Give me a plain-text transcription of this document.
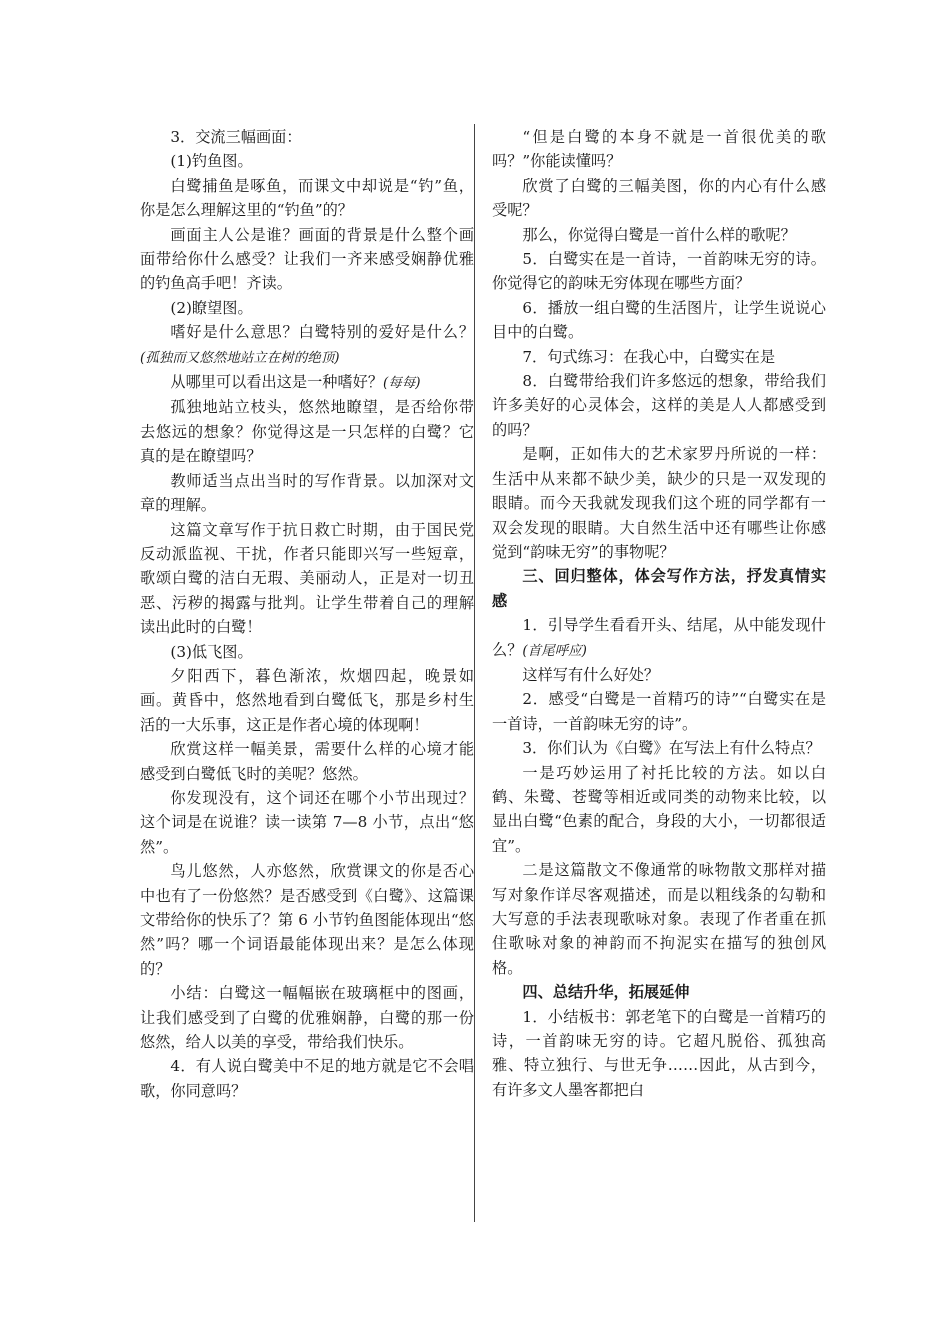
3．交流三幅画面：

(1)钓鱼图。

白鹭捕鱼是啄鱼，而课文中却说是“钓”鱼，你是怎么理解这里的“钓鱼”的？

画面主人公是谁？画面的背景是什么整个画面带给你什么感受？让我们一齐来感受娴静优雅的钓鱼高手吧！齐读。

(2)瞭望图。

嗜好是什么意思？白鹭特别的爱好是什么？(孤独而又悠然地站立在树的绝顶)

从哪里可以看出这是一种嗜好？(每每)

孤独地站立枝头，悠然地瞭望，是否给你带去悠远的想象？你觉得这是一只怎样的白鹭？它真的是在瞭望吗？

教师适当点出当时的写作背景。以加深对文章的理解。

这篇文章写作于抗日救亡时期，由于国民党反动派监视、干扰，作者只能即兴写一些短章，歌颂白鹭的洁白无瑕、美丽动人，正是对一切丑恶、污秽的揭露与批判。让学生带着自己的理解读出此时的白鹭！

(3)低飞图。

夕阳西下，暮色渐浓，炊烟四起，晚景如画。黄昏中，悠然地看到白鹭低飞，那是乡村生活的一大乐事，这正是作者心境的体现啊！

欣赏这样一幅美景，需要什么样的心境才能感受到白鹭低飞时的美呢？悠然。

你发现没有，这个词还在哪个小节出现过？这个词是在说谁？读一读第 7—8 小节，点出“悠然”。

鸟儿悠然，人亦悠然，欣赏课文的你是否心中也有了一份悠然？是否感受到《白鹭》、这篇课文带给你的快乐了？第 6 小节钓鱼图能体现出“悠然”吗？哪一个词语最能体现出来？是怎么体现的？

小结：白鹭这一幅幅嵌在玻璃框中的图画，让我们感受到了白鹭的优雅娴静，白鹭的那一份悠然，给人以美的享受，带给我们快乐。

4．有人说白鹭美中不足的地方就是它不会唱歌，你同意吗？

“但是白鹭的本身不就是一首很优美的歌吗？”你能读懂吗？

欣赏了白鹭的三幅美图，你的内心有什么感受呢？

那么，你觉得白鹭是一首什么样的歌呢？

5．白鹭实在是一首诗，一首韵味无穷的诗。你觉得它的韵味无穷体现在哪些方面？

6．播放一组白鹭的生活图片，让学生说说心目中的白鹭。

7．句式练习：在我心中，白鹭实在是

8．白鹭带给我们许多悠远的想象，带给我们许多美好的心灵体会，这样的美是人人都感受到的吗？

是啊，正如伟大的艺术家罗丹所说的一样：生活中从来都不缺少美，缺少的只是一双发现的眼睛。而今天我就发现我们这个班的同学都有一双会发现的眼睛。大自然生活中还有哪些让你感觉到“韵味无穷”的事物呢？

三、回归整体，体会写作方法，抒发真情实感

1．引导学生看看开头、结尾，从中能发现什么？(首尾呼应)

这样写有什么好处？

2．感受“白鹭是一首精巧的诗”“白鹭实在是一首诗，一首韵味无穷的诗”。

3．你们认为《白鹭》在写法上有什么特点？

一是巧妙运用了衬托比较的方法。如以白鹤、朱鹭、苍鹭等相近或同类的动物来比较，以显出白鹭“色素的配合，身段的大小，一切都很适宜”。

二是这篇散文不像通常的咏物散文那样对描写对象作详尽客观描述，而是以粗线条的勾勒和大写意的手法表现歌咏对象。表现了作者重在抓住歌咏对象的神韵而不拘泥实在描写的独创风格。

四、总结升华，拓展延伸

1．小结板书：郭老笔下的白鹭是一首精巧的诗，一首韵味无穷的诗。它超凡脱俗、孤独高雅、特立独行、与世无争……因此，从古到今，有许多文人墨客都把白
